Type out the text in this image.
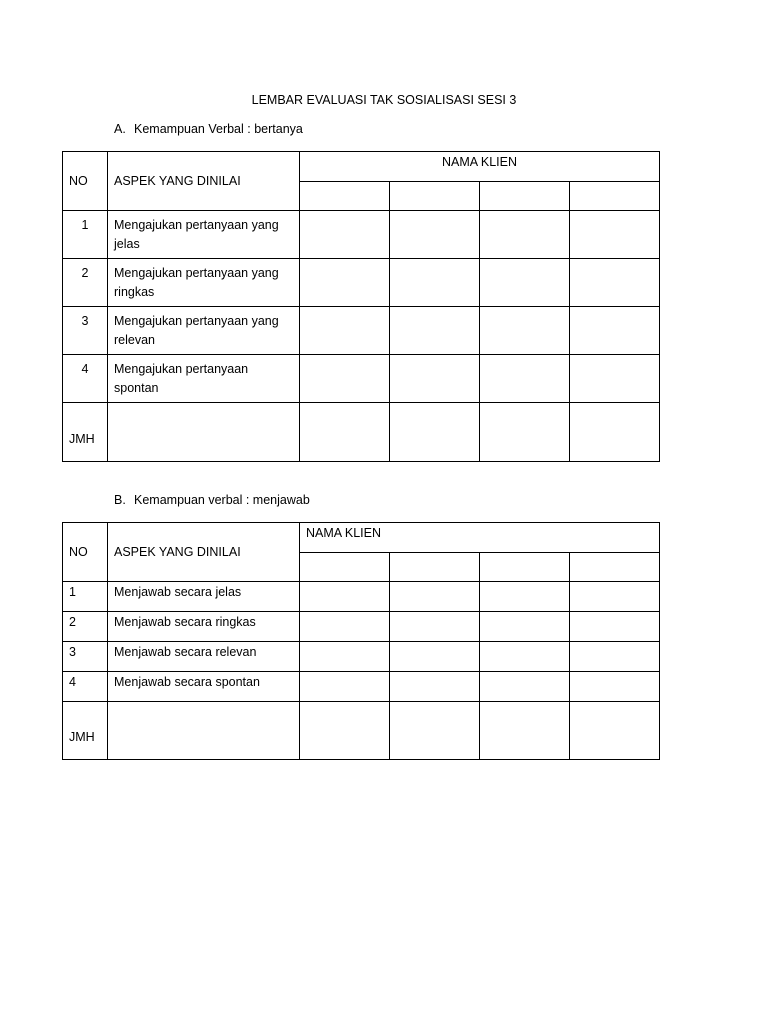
LEMBAR EVALUASI TAK SOSIALISASI SESI 3
A. Kemampuan Verbal : bertanya
NO	ASPEK YANG DINILAI	NAMA KLIEN			

1	Mengajukan pertanyaan yang jelas				
2	Mengajukan pertanyaan yang ringkas				
3	Mengajukan pertanyaan yang relevan				
4	Mengajukan pertanyaan spontan				
JMH					
B. Kemampuan verbal : menjawab
NO	ASPEK YANG DINILAI	NAMA KLIEN			

1	Menjawab secara jelas				
2	Menjawab secara ringkas				
3	Menjawab secara relevan				
4	Menjawab secara spontan				
JMH					
